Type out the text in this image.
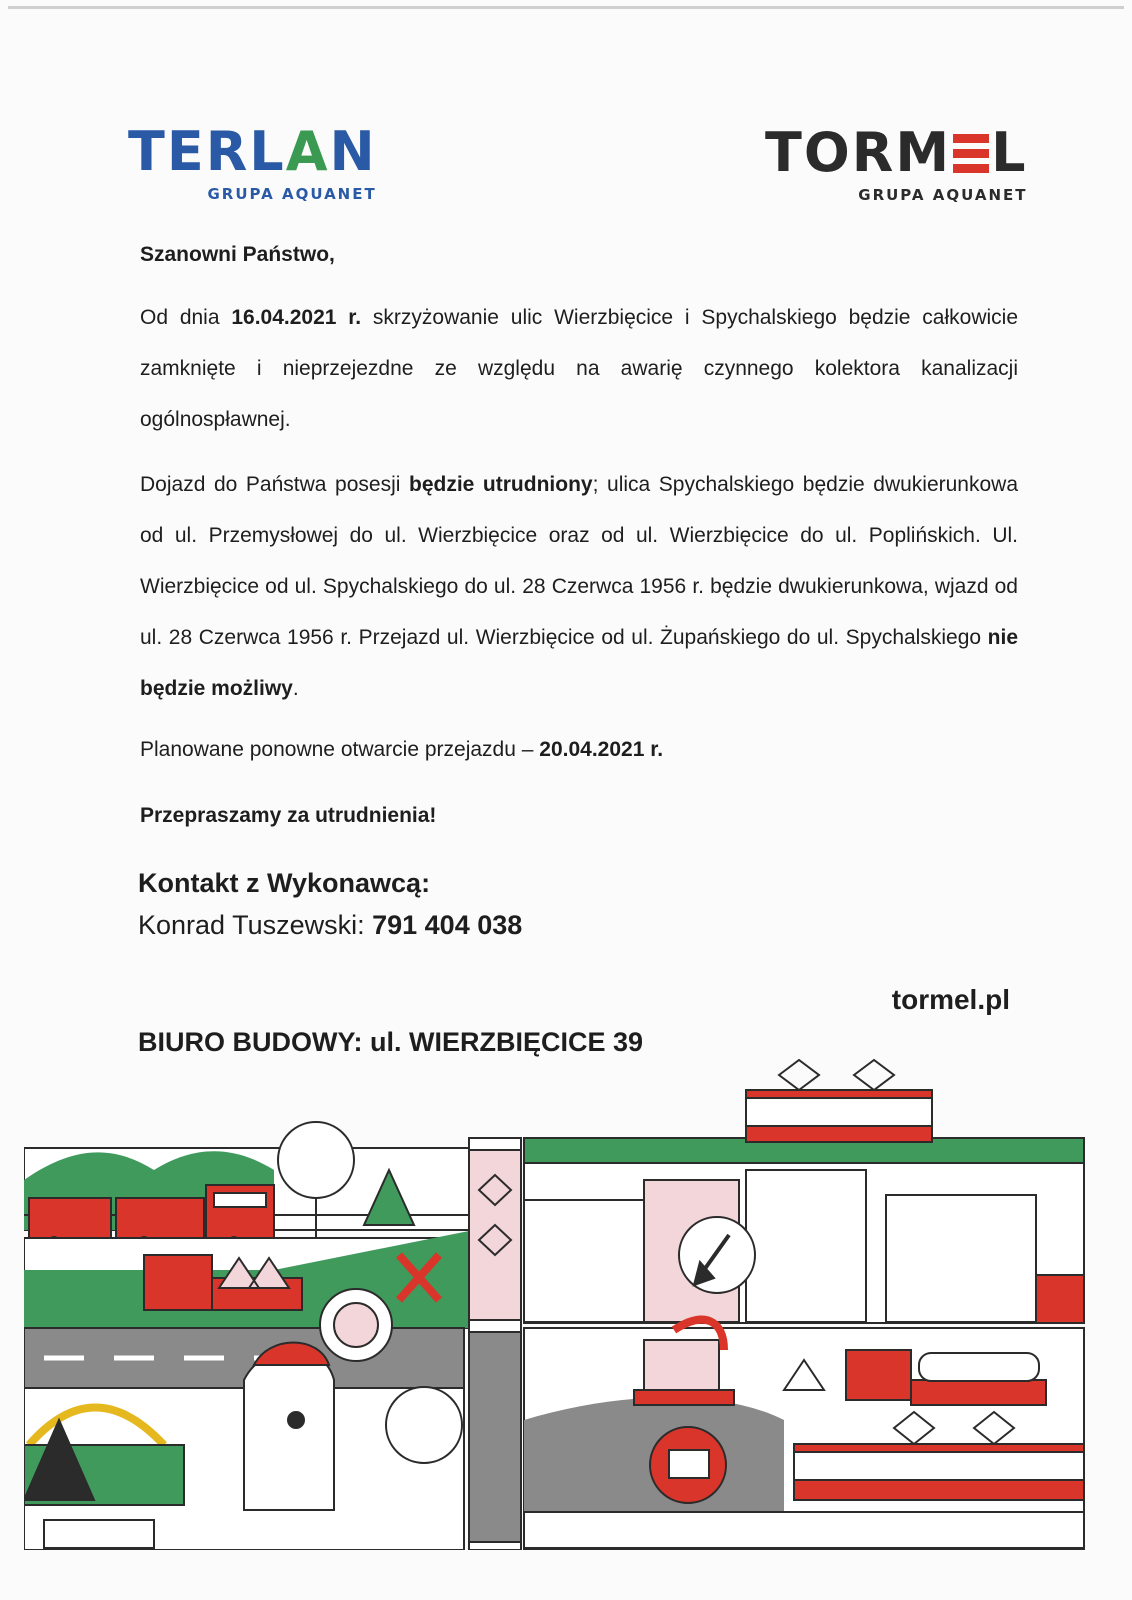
TERLAN
GRUPA AQUANET
TORM L
GRUPA AQUANET
Szanowni Państwo,

Od dnia 16.04.2021 r. skrzyżowanie ulic Wierzbięcice i Spychalskiego będzie całkowicie zamknięte i nieprzejezdne ze względu na awarię czynnego kolektora kanalizacji ogólnospławnej.

Dojazd do Państwa posesji będzie utrudniony; ulica Spychalskiego będzie dwukierunkowa od ul. Przemysłowej do ul. Wierzbięcice oraz od ul. Wierzbięcice do ul. Poplińskich. Ul. Wierzbięcice od ul. Spychalskiego do ul. 28 Czerwca 1956 r. będzie dwukierunkowa, wjazd od ul. 28 Czerwca 1956 r. Przejazd ul. Wierzbięcice od ul. Żupańskiego do ul. Spychalskiego nie będzie możliwy.

Planowane ponowne otwarcie przejazdu – 20.04.2021 r.

Przepraszamy za utrudnienia!
Kontakt z Wykonawcą:
Konrad Tuszewski: 791 404 038
tormel.pl
BIURO BUDOWY: ul. WIERZBIĘCICE 39
